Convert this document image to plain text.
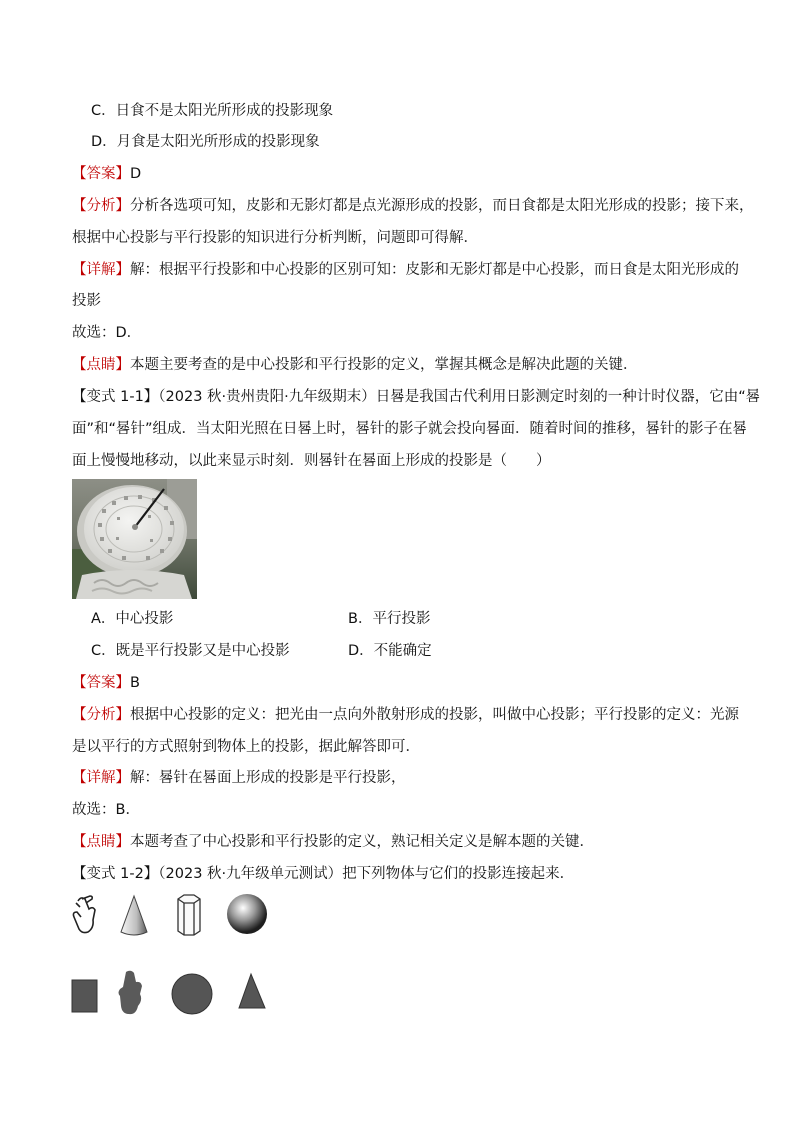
C．日食不是太阳光所形成的投影现象
D．月食是太阳光所形成的投影现象
【答案】D
【分析】分析各选项可知，皮影和无影灯都是点光源形成的投影，而日食都是太阳光形成的投影；接下来，
根据中心投影与平行投影的知识进行分析判断，问题即可得解．
【详解】解：根据平行投影和中心投影的区别可知：皮影和无影灯都是中心投影，而日食是太阳光形成的
投影
故选：D．
【点睛】本题主要考查的是中心投影和平行投影的定义，掌握其概念是解决此题的关键．
【变式 1-1】（2023 秋·贵州贵阳·九年级期末）日晷是我国古代利用日影测定时刻的一种计时仪器，它由“晷
面”和“晷针”组成．当太阳光照在日晷上时，晷针的影子就会投向晷面．随着时间的推移，晷针的影子在晷
面上慢慢地移动，以此来显示时刻．则晷针在晷面上形成的投影是（　　）
A．中心投影	B．平行投影
C．既是平行投影又是中心投影	D．不能确定
【答案】B
【分析】根据中心投影的定义：把光由一点向外散射形成的投影，叫做中心投影；平行投影的定义：光源
是以平行的方式照射到物体上的投影，据此解答即可．
【详解】解：晷针在晷面上形成的投影是平行投影，
故选：B．
【点睛】本题考查了中心投影和平行投影的定义，熟记相关定义是解本题的关键．
【变式 1-2】（2023 秋·九年级单元测试）把下列物体与它们的投影连接起来．
